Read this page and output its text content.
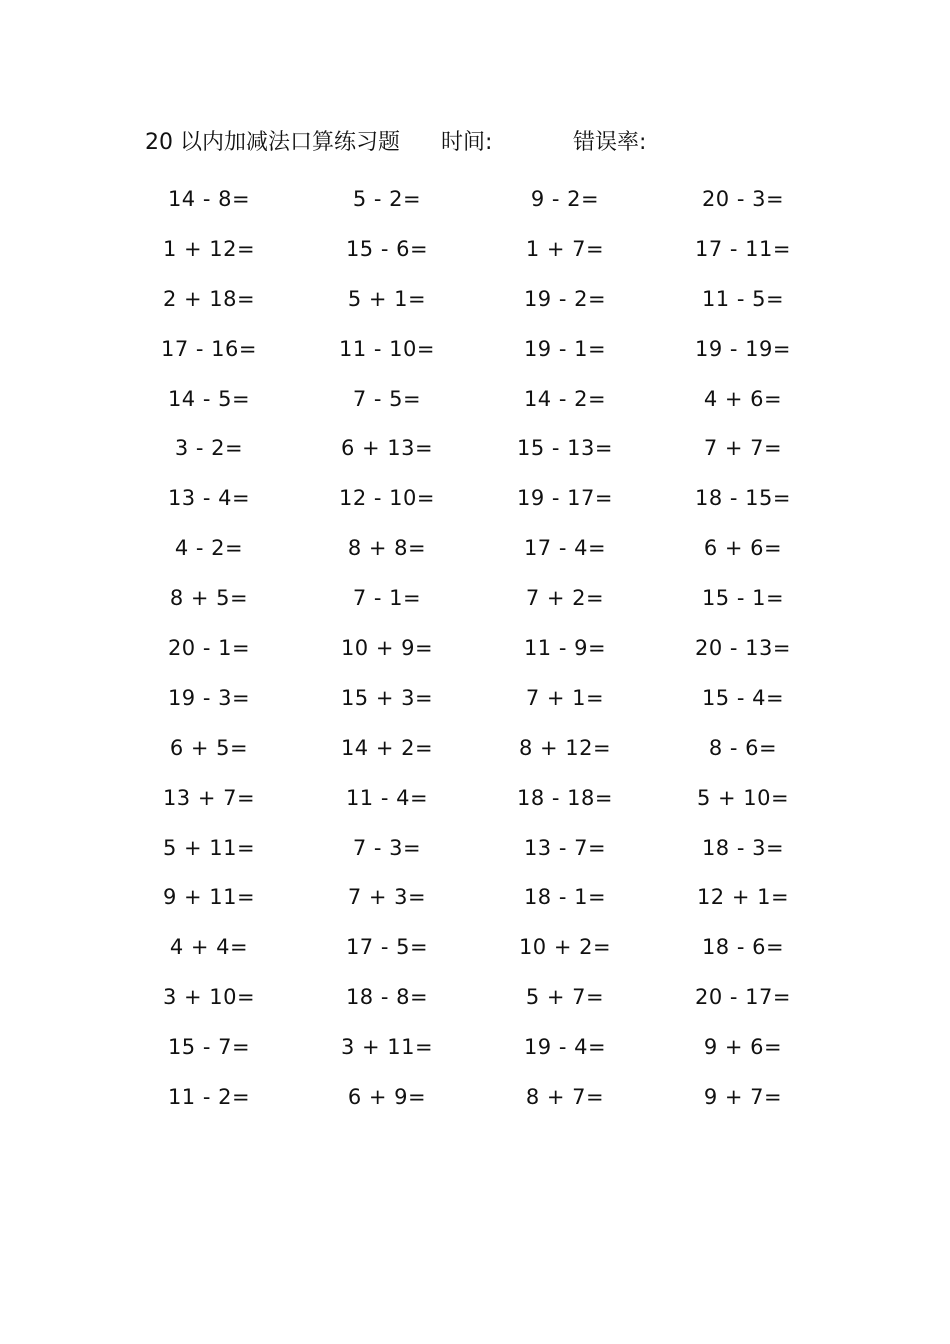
20 以内加减法口算练习题 时间:	错误率:
14 - 8=	5 - 2=	9 - 2=	20 - 3=
1 + 12=	15 - 6=	1 + 7=	17 - 11=
2 + 18=	5 + 1=	19 - 2=	11 - 5=
17 - 16=	11 - 10=	19 - 1=	19 - 19=
14 - 5=	7 - 5=	14 - 2=	4 + 6=
3 - 2=	6 + 13=	15 - 13=	7 + 7=
13 - 4=	12 - 10=	19 - 17=	18 - 15=
4 - 2=	8 + 8=	17 - 4=	6 + 6=
8 + 5=	7 - 1=	7 + 2=	15 - 1=
20 - 1=	10 + 9=	11 - 9=	20 - 13=
19 - 3=	15 + 3=	7 + 1=	15 - 4=
6 + 5=	14 + 2=	8 + 12=	8 - 6=
13 + 7=	11 - 4=	18 - 18=	5 + 10=
5 + 11=	7 - 3=	13 - 7=	18 - 3=
9 + 11=	7 + 3=	18 - 1=	12 + 1=
4 + 4=	17 - 5=	10 + 2=	18 - 6=
3 + 10=	18 - 8=	5 + 7=	20 - 17=
15 - 7=	3 + 11=	19 - 4=	9 + 6=
11 - 2=	6 + 9=	8 + 7=	9 + 7=
